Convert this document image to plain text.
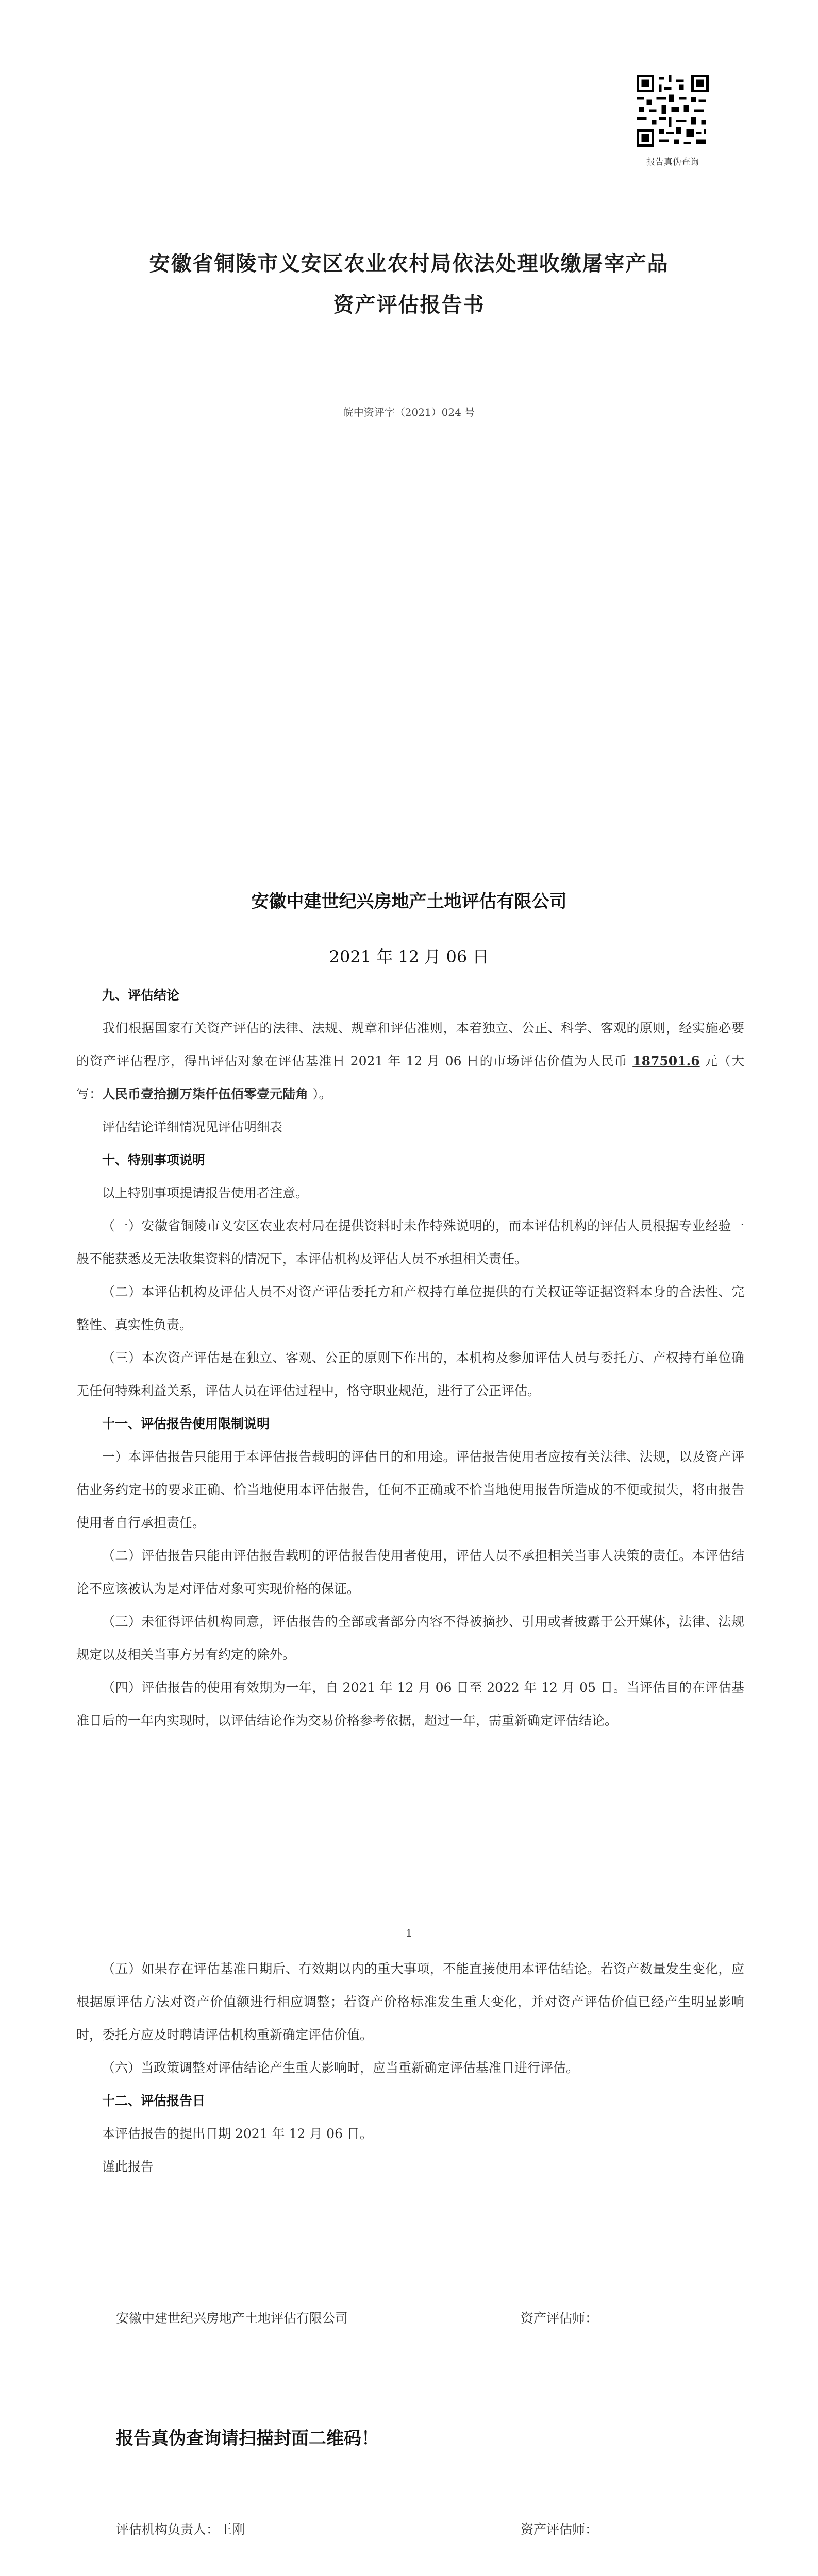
报告真伪查询
安徽省铜陵市义安区农业农村局依法处理收缴屠宰产品
资产评估报告书
皖中资评字（2021）024 号
安徽中建世纪兴房地产土地评估有限公司
2021 年 12 月 06 日

九、评估结论

我们根据国家有关资产评估的法律、法规、规章和评估准则，本着独立、公正、科学、客观的原则，经实施必要的资产评估程序，得出评估对象在评估基准日 2021 年 12 月 06 日的市场评估价值为人民币 187501.6 元（大写：人民币壹拾捌万柒仟伍佰零壹元陆角 ）。

评估结论详细情况见评估明细表

十、特别事项说明

以上特别事项提请报告使用者注意。

（一）安徽省铜陵市义安区农业农村局在提供资料时未作特殊说明的，而本评估机构的评估人员根据专业经验一般不能获悉及无法收集资料的情况下，本评估机构及评估人员不承担相关责任。

（二）本评估机构及评估人员不对资产评估委托方和产权持有单位提供的有关权证等证据资料本身的合法性、完整性、真实性负责。

（三）本次资产评估是在独立、客观、公正的原则下作出的，本机构及参加评估人员与委托方、产权持有单位确无任何特殊利益关系，评估人员在评估过程中，恪守职业规范，进行了公正评估。

十一、评估报告使用限制说明

一）本评估报告只能用于本评估报告载明的评估目的和用途。评估报告使用者应按有关法律、法规，以及资产评估业务约定书的要求正确、恰当地使用本评估报告，任何不正确或不恰当地使用报告所造成的不便或损失，将由报告使用者自行承担责任。

（二）评估报告只能由评估报告载明的评估报告使用者使用，评估人员不承担相关当事人决策的责任。本评估结论不应该被认为是对评估对象可实现价格的保证。

（三）未征得评估机构同意，评估报告的全部或者部分内容不得被摘抄、引用或者披露于公开媒体，法律、法规规定以及相关当事方另有约定的除外。

（四）评估报告的使用有效期为一年，自 2021 年 12 月 06 日至 2022 年 12 月 05 日。当评估目的在评估基准日后的一年内实现时，以评估结论作为交易价格参考依据，超过一年，需重新确定评估结论。

1

（五）如果存在评估基准日期后、有效期以内的重大事项，不能直接使用本评估结论。若资产数量发生变化，应根据原评估方法对资产价值额进行相应调整；若资产价格标准发生重大变化，并对资产评估价值已经产生明显影响时，委托方应及时聘请评估机构重新确定评估价值。

（六）当政策调整对评估结论产生重大影响时，应当重新确定评估基准日进行评估。

十二、评估报告日

本评估报告的提出日期 2021 年 12 月 06 日。

谨此报告

安徽中建世纪兴房地产土地评估有限公司	资产评估师：
报告真伪查询请扫描封面二维码！
评估机构负责人：王刚	资产评估师：
